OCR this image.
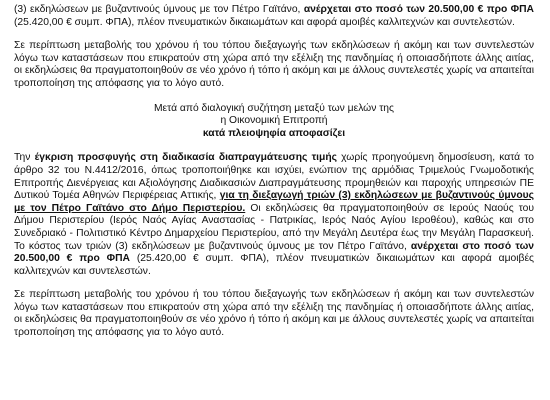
(3) εκδηλώσεων με βυζαντινούς ύμνους με τον Πέτρο Γαϊτάνο, ανέρχεται στο ποσό των 20.500,00 € προ ΦΠΑ (25.420,00 € συμπ. ΦΠΑ), πλέον πνευματικών δικαιωμάτων και αφορά αμοιβές καλλιτεχνών και συντελεστών.

Σε περίπτωση μεταβολής του χρόνου ή του τόπου διεξαγωγής των εκδηλώσεων ή ακόμη και των συντελεστών λόγω των καταστάσεων που επικρατούν στη χώρα από την εξέλιξη της πανδημίας ή οποιασδήποτε άλλης αιτίας, οι εκδηλώσεις θα πραγματοποιηθούν σε νέο χρόνο ή τόπο ή ακόμη και με άλλους συντελεστές χωρίς να απαιτείται τροποποίηση της απόφασης για το λόγο αυτό.

Μετά από διαλογική συζήτηση μεταξύ των μελών της

η Οικονομική Επιτροπή

κατά πλειοψηφία αποφασίζει

Την έγκριση προσφυγής στη διαδικασία διαπραγμάτευσης τιμής χωρίς προηγούμενη δημοσίευση, κατά το άρθρο 32 του Ν.4412/2016, όπως τροποποιήθηκε και ισχύει, ενώπιον της αρμόδιας Τριμελούς Γνωμοδοτικής Επιτροπής Διενέργειας και Αξιολόγησης Διαδικασιών Διαπραγμάτευσης προμηθειών και παροχής υπηρεσιών ΠΕ Δυτικού Τομέα Αθηνών Περιφέρειας Αττικής, για τη διεξαγωγή τριών (3) εκδηλώσεων με βυζαντινούς ύμνους με τον Πέτρο Γαϊτάνο στο Δήμο Περιστερίου. Οι εκδηλώσεις θα πραγματοποιηθούν σε Ιερούς Ναούς του Δήμου Περιστερίου (Ιερός Ναός Αγίας Αναστασίας - Πατρικίας, Ιερός Ναός Αγίου Ιεροθέου), καθώς και στο Συνεδριακό - Πολιτιστικό Κέντρο Δημαρχείου Περιστερίου, από την Μεγάλη Δευτέρα έως την Μεγάλη Παρασκευή. Το κόστος των τριών (3) εκδηλώσεων με βυζαντινούς ύμνους με τον Πέτρο Γαϊτάνο, ανέρχεται στο ποσό των 20.500,00 € προ ΦΠΑ (25.420,00 € συμπ. ΦΠΑ), πλέον πνευματικών δικαιωμάτων και αφορά αμοιβές καλλιτεχνών και συντελεστών.

Σε περίπτωση μεταβολής του χρόνου ή του τόπου διεξαγωγής των εκδηλώσεων ή ακόμη και των συντελεστών λόγω των καταστάσεων που επικρατούν στη χώρα από την εξέλιξη της πανδημίας ή οποιασδήποτε άλλης αιτίας, οι εκδηλώσεις θα πραγματοποιηθούν σε νέο χρόνο ή τόπο ή ακόμη και με άλλους συντελεστές χωρίς να απαιτείται τροποποίηση της απόφασης για το λόγο αυτό.
